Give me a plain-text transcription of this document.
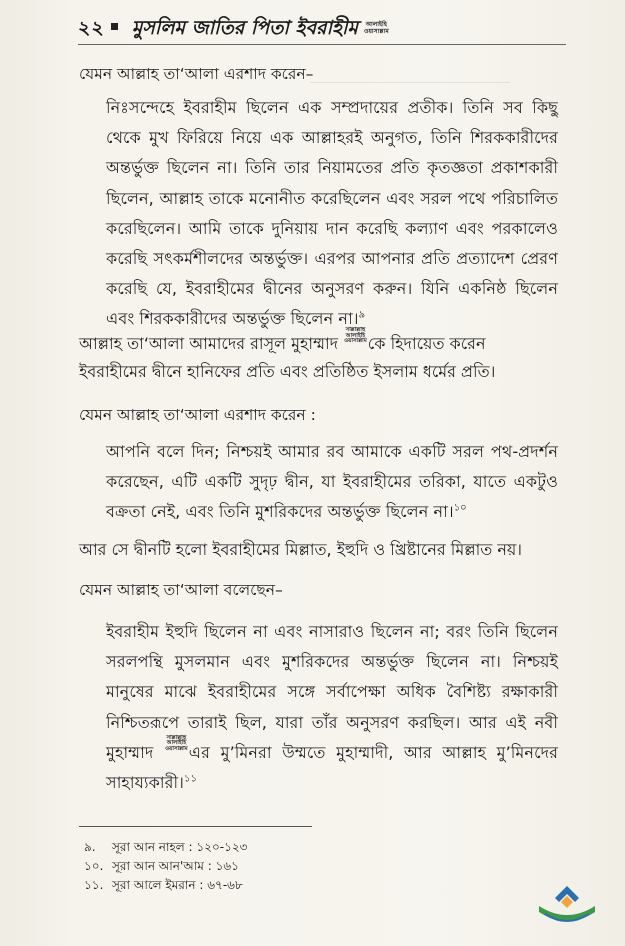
২২ মুসলিম জাতির পিতা ইবরাহীম আলাইহি
ওয়াসাল্লাম
যেমন আল্লাহ তা‘আলা এরশাদ করেন–

নিঃসন্দেহে ইবরাহীম ছিলেন এক সম্প্রদায়ের প্রতীক। তিনি সব কিছু থেকে মুখ ফিরিয়ে নিয়ে এক আল্লাহরই অনুগত, তিনি শিরককারীদের অন্তর্ভুক্ত ছিলেন না। তিনি তার নিয়ামতের প্রতি কৃতজ্ঞতা প্রকাশকারী ছিলেন, আল্লাহ তাকে মনোনীত করেছিলেন এবং সরল পথে পরিচালিত করেছিলেন। আমি তাকে দুনিয়ায় দান করেছি কল্যাণ এবং পরকালেও করেছি সৎকর্মশীলদের অন্তর্ভুক্ত। এরপর আপনার প্রতি প্রত্যাদেশ প্রেরণ করেছি যে, ইবরাহীমের দ্বীনের অনুসরণ করুন। যিনি একনিষ্ঠ ছিলেন এবং শিরককারীদের অন্তর্ভুক্ত ছিলেন না।$^৯$

আল্লাহ তা‘আলা আমাদের রাসূল মুহাম্মাদ
সাল্লাল্লাহু
আলাইহি
ওয়াসাল্লাম কে হিদায়েত করেন ইবরাহীমের দ্বীনে হানিফের প্রতি এবং প্রতিষ্ঠিত ইসলাম ধর্মের প্রতি।

যেমন আল্লাহ তা‘আলা এরশাদ করেন :

আপনি বলে দিন; নিশ্চয়ই আমার রব আমাকে একটি সরল পথ-প্রদর্শন করেছেন, এটি একটি সুদৃঢ় দ্বীন, যা ইবরাহীমের তরিকা, যাতে একটুও বক্রতা নেই, এবং তিনি মুশরিকদের অন্তর্ভুক্ত ছিলেন না।$^{১০}$

আর সে দ্বীনটি হলো ইবরাহীমের মিল্লাত, ইহুদি ও খ্রিষ্টানের মিল্লাত নয়।

যেমন আল্লাহ তা‘আলা বলেছেন–

ইবরাহীম ইহুদি ছিলেন না এবং নাসারাও ছিলেন না; বরং তিনি ছিলেন সরলপন্থি মুসলমান এবং মুশরিকদের অন্তর্ভুক্ত ছিলেন না। নিশ্চয়ই মানুষের মাঝে ইবরাহীমের সঙ্গে সর্বাপেক্ষা অধিক বৈশিষ্ট্য রক্ষাকারী নিশ্চিতরূপে তারাই ছিল, যারা তাঁর অনুসরণ করছিল। আর এই নবী মুহাম্মাদ
সাল্লাল্লাহু
আলাইহি
ওয়াসাল্লাম এর মু’মিনরা উম্মতে মুহাম্মাদী, আর আল্লাহ মু’মিনদের সাহায্যকারী।$^{১১}$

৯. সূরা আন নাহল : ১২০-১২৩
১০. সূরা আন আন'আম : ১৬১
১১. সূরা আলে ইমরান : ৬৭-৬৮
